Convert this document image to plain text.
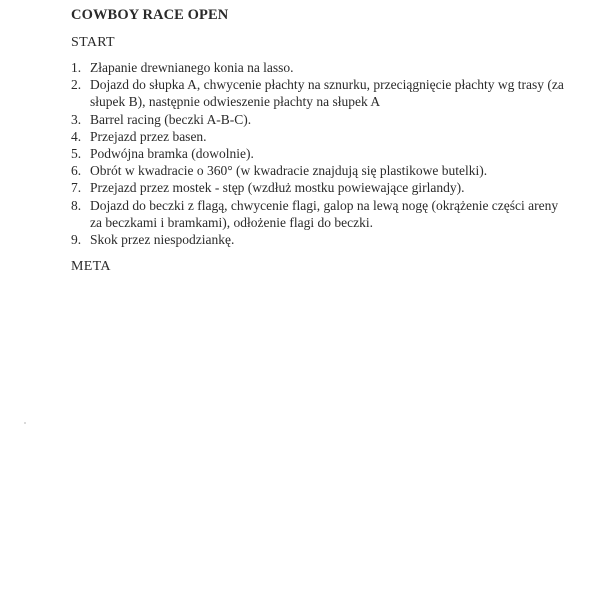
COWBOY RACE OPEN
START
1. Złapanie drewnianego konia na lasso.
2. Dojazd do słupka A, chwycenie płachty na sznurku, przeciągnięcie płachty wg trasy (za słupek B), następnie odwieszenie płachty na słupek A
3. Barrel racing (beczki A-B-C).
4. Przejazd przez basen.
5. Podwójna bramka (dowolnie).
6. Obrót w kwadracie o 360° (w kwadracie znajdują się plastikowe butelki).
7. Przejazd przez mostek - stęp (wzdłuż mostku powiewające girlandy).
8. Dojazd do beczki z flagą, chwycenie flagi, galop na lewą nogę (okrążenie części areny za beczkami i bramkami), odłożenie flagi do beczki.
9. Skok przez niespodziankę.
META
